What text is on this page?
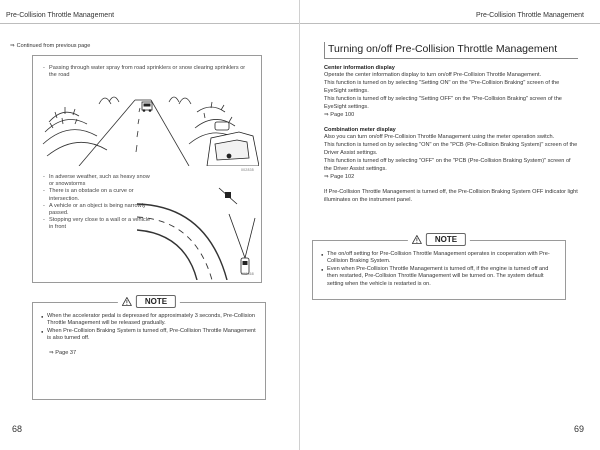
Pre-Collision Throttle Management
⇒ Continued from previous page
- Passing through water spray from road sprinklers or snow clearing sprinklers or the road
002835
- In adverse weather, such as heavy snow or snowstorms
- There is an obstacle on a curve or intersection.
- A vehicle or an object is being narrowly passed.
- Stopping very close to a wall or a vehicle in front
002868
NOTE
● When the accelerator pedal is depressed for approximately 3 seconds, Pre-Collision Throttle Management will be released gradually.
● When Pre-Collision Braking System is turned off, Pre-Collision Throttle Management is also turned off.
⇒ Page 37
68
Pre-Collision Throttle Management
Turning on/off Pre-Collision Throttle Management
Center information display

Operate the center information display to turn on/off Pre-Collision Throttle Management.

This function is turned on by selecting "Setting ON" on the "Pre-Collision Braking" screen of the EyeSight settings.

This function is turned off by selecting "Setting OFF" on the "Pre-Collision Braking" screen of the EyeSight settings.

⇒ Page 100

Combination meter display

Also you can turn on/off Pre-Collision Throttle Management using the meter operation switch.

This function is turned on by selecting "ON" on the "PCB (Pre-Collision Braking System)" screen of the Driver Assist settings.

This function is turned off by selecting "OFF" on the "PCB (Pre-Collision Braking System)" screen of the Driver Assist settings.

⇒ Page 102

If Pre-Collision Throttle Management is turned off, the Pre-Collision Braking System OFF indicator light illuminates on the instrument panel.

NOTE
● The on/off setting for Pre-Collision Throttle Management operates in cooperation with Pre-Collision Braking System.
● Even when Pre-Collision Throttle Management is turned off, if the engine is turned off and then restarted, Pre-Collision Throttle Management will be turned on. The system default setting when the vehicle is restarted is on.
69
